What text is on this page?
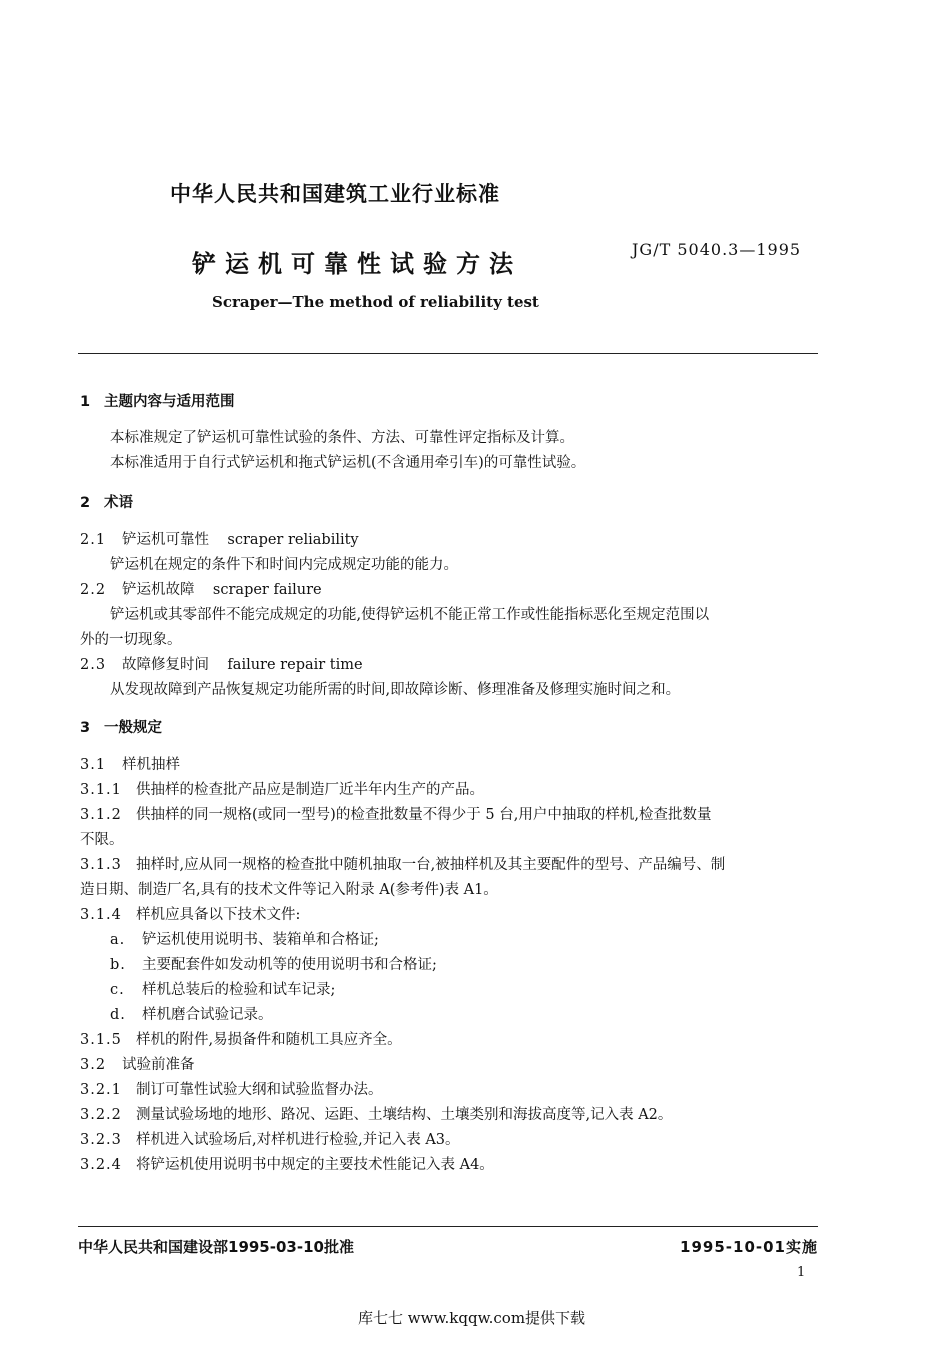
中华人民共和国建筑工业行业标准
铲运机可靠性试验方法
JG/T 5040.3—1995
Scraper—The method of reliability test
1 主题内容与适用范围
本标准规定了铲运机可靠性试验的条件、方法、可靠性评定指标及计算。
本标准适用于自行式铲运机和拖式铲运机(不含通用牵引车)的可靠性试验。
2 术语
2.1 铲运机可靠性    scraper reliability
铲运机在规定的条件下和时间内完成规定功能的能力。
2.2 铲运机故障    scraper failure
铲运机或其零部件不能完成规定的功能,使得铲运机不能正常工作或性能指标恶化至规定范围以
外的一切现象。
2.3 故障修复时间    failure repair time
从发现故障到产品恢复规定功能所需的时间,即故障诊断、修理准备及修理实施时间之和。
3 一般规定
3.1 样机抽样
3.1.1 供抽样的检查批产品应是制造厂近半年内生产的产品。
3.1.2 供抽样的同一规格(或同一型号)的检查批数量不得少于 5 台,用户中抽取的样机,检查批数量
不限。
3.1.3 抽样时,应从同一规格的检查批中随机抽取一台,被抽样机及其主要配件的型号、产品编号、制
造日期、制造厂名,具有的技术文件等记入附录 A(参考件)表 A1。
3.1.4 样机应具备以下技术文件:
a. 铲运机使用说明书、装箱单和合格证;
b. 主要配套件如发动机等的使用说明书和合格证;
c. 样机总装后的检验和试车记录;
d. 样机磨合试验记录。
3.1.5 样机的附件,易损备件和随机工具应齐全。
3.2 试验前准备
3.2.1 制订可靠性试验大纲和试验监督办法。
3.2.2 测量试验场地的地形、路况、运距、土壤结构、土壤类别和海拔高度等,记入表 A2。
3.2.3 样机进入试验场后,对样机进行检验,并记入表 A3。
3.2.4 将铲运机使用说明书中规定的主要技术性能记入表 A4。
中华人民共和国建设部1995-03-10批准	1995-10-01实施
1
库七七 www.kqqw.com提供下载
